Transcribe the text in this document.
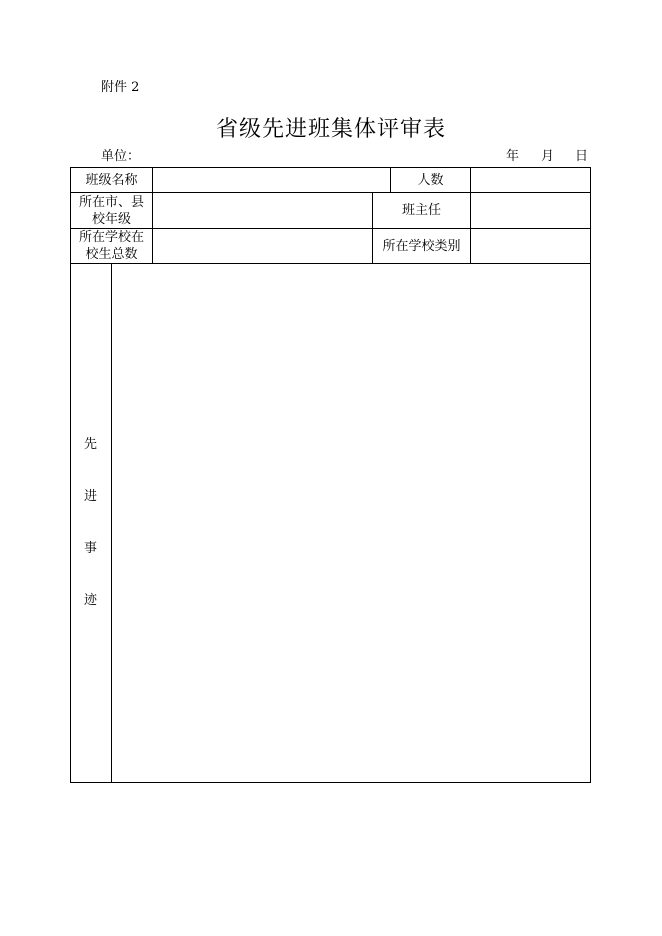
附件 2
省级先进班集体评审表
单位：	年 月 日
班级名称	人数
所在市、县
校年级
班主任
所在学校在
校生总数
所在学校类别
先
进
事
迹
